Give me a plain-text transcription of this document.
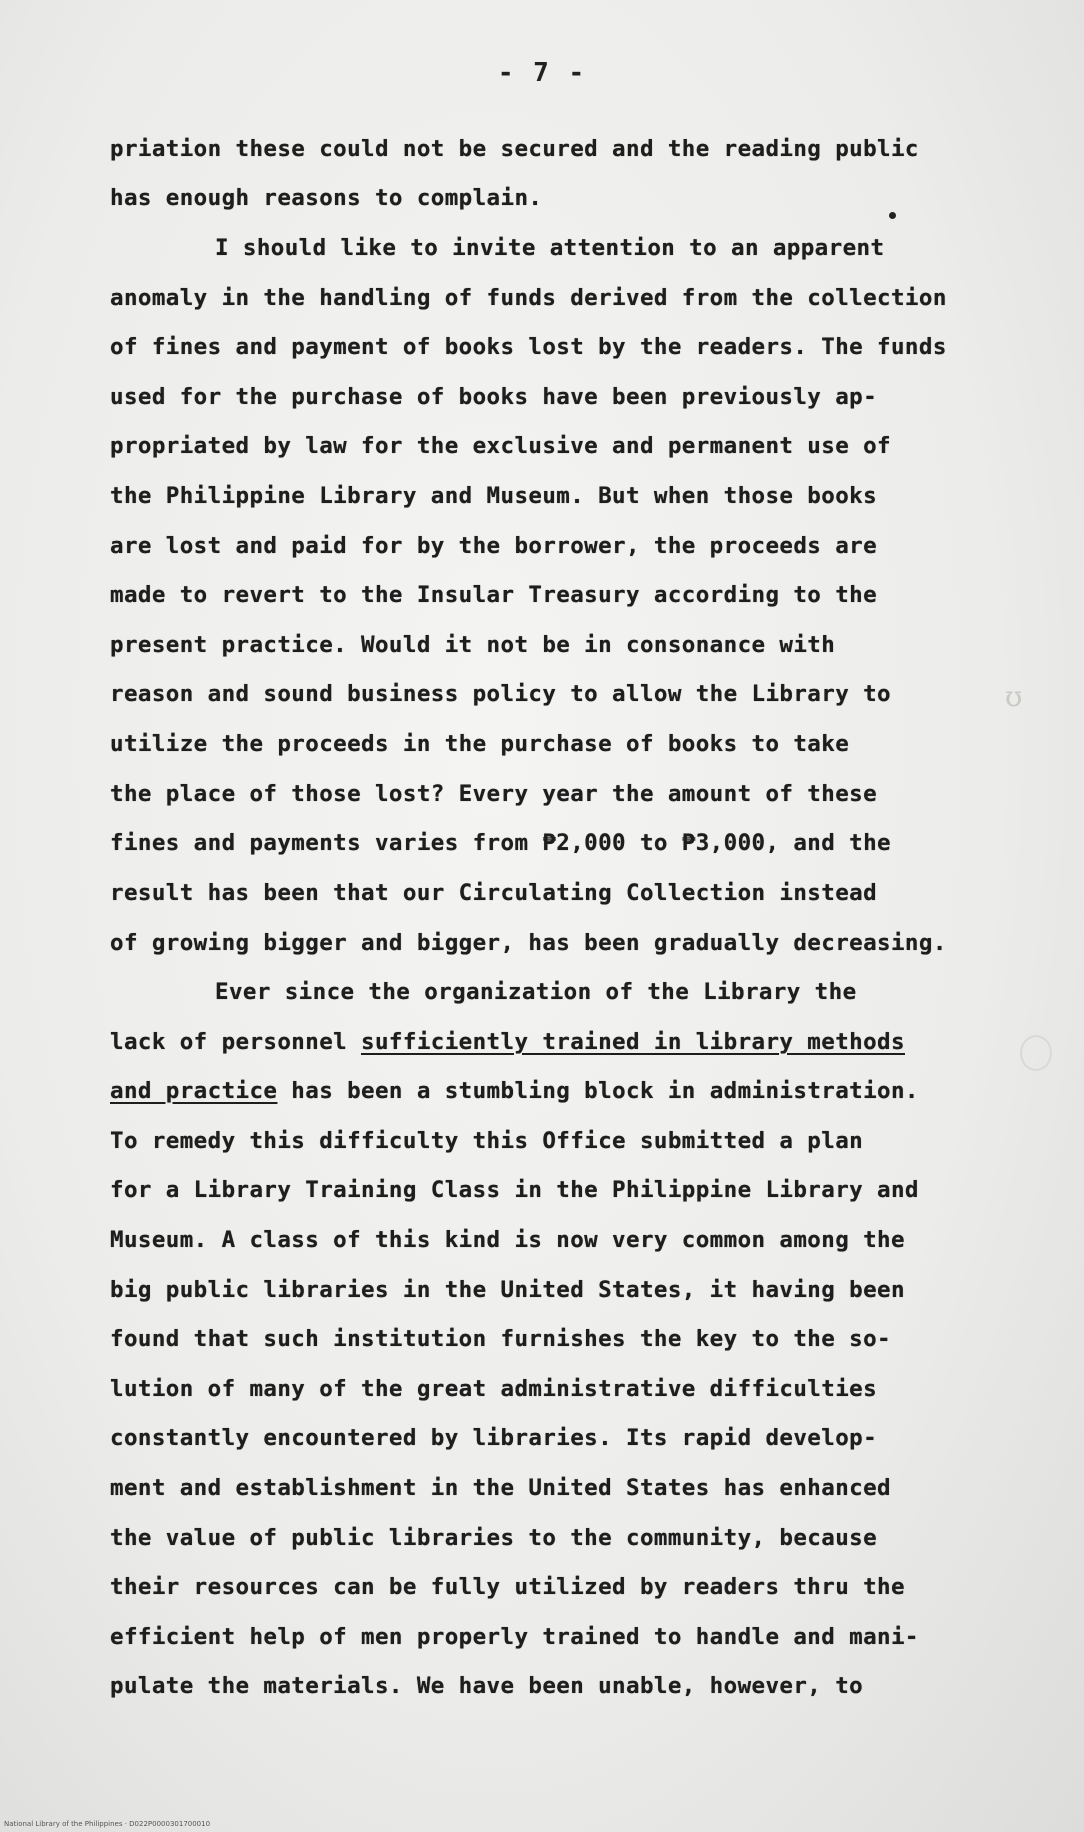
- 7 -
priation these could not be secured and the reading public
has enough reasons to complain.
I should like to invite attention to an apparent
anomaly in the handling of funds derived from the collection
of fines and payment of books lost by the readers. The funds
used for the purchase of books have been previously ap-
propriated by law for the exclusive and permanent use of
the Philippine Library and Museum. But when those books
are lost and paid for by the borrower, the proceeds are
made to revert to the Insular Treasury according to the
present practice. Would it not be in consonance with
reason and sound business policy to allow the Library to
utilize the proceeds in the purchase of books to take
the place of those lost? Every year the amount of these
fines and payments varies from ₱2,000 to ₱3,000, and the
result has been that our Circulating Collection instead
of growing bigger and bigger, has been gradually decreasing.
Ever since the organization of the Library the
lack of personnel sufficiently trained in library methods
and practice has been a stumbling block in administration.
To remedy this difficulty this Office submitted a plan
for a Library Training Class in the Philippine Library and
Museum. A class of this kind is now very common among the
big public libraries in the United States, it having been
found that such institution furnishes the key to the so-
lution of many of the great administrative difficulties
constantly encountered by libraries. Its rapid develop-
ment and establishment in the United States has enhanced
the value of public libraries to the community, because
their resources can be fully utilized by readers thru the
efficient help of men properly trained to handle and mani-
pulate the materials. We have been unable, however, to
ʊ
National Library of the Philippines · D022P0000301700010
